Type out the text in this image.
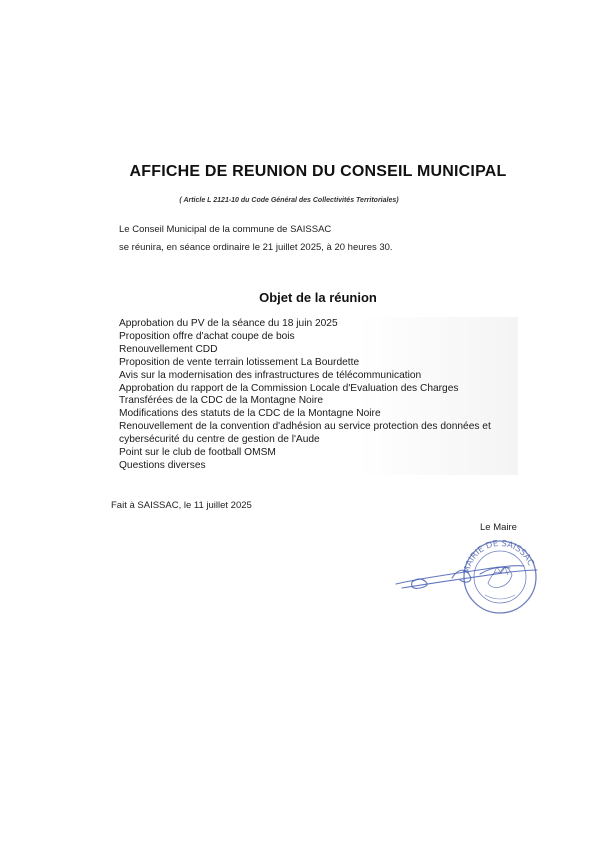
AFFICHE DE REUNION DU CONSEIL MUNICIPAL
( Article L 2121-10 du Code Général des Collectivités Territoriales)
Le Conseil Municipal de la commune de SAISSAC
se réunira, en séance ordinaire le 21 juillet 2025, à 20 heures 30.
Objet de la réunion
Approbation du PV de la séance du 18 juin 2025
Proposition offre d'achat coupe de bois
Renouvellement CDD
Proposition de vente terrain lotissement La Bourdette
Avis sur la modernisation des infrastructures de télécommunication
Approbation du rapport de la Commission Locale d'Evaluation des Charges Transférées de la CDC de la Montagne Noire
Modifications des statuts de la CDC de la Montagne Noire
Renouvellement de la convention d'adhésion au service protection des données et cybersécurité du centre de gestion de l'Aude
Point sur le club de football OMSM
Questions diverses
Fait à SAISSAC, le 11 juillet 2025
Le Maire
MAIRIE DE SAISSAC
